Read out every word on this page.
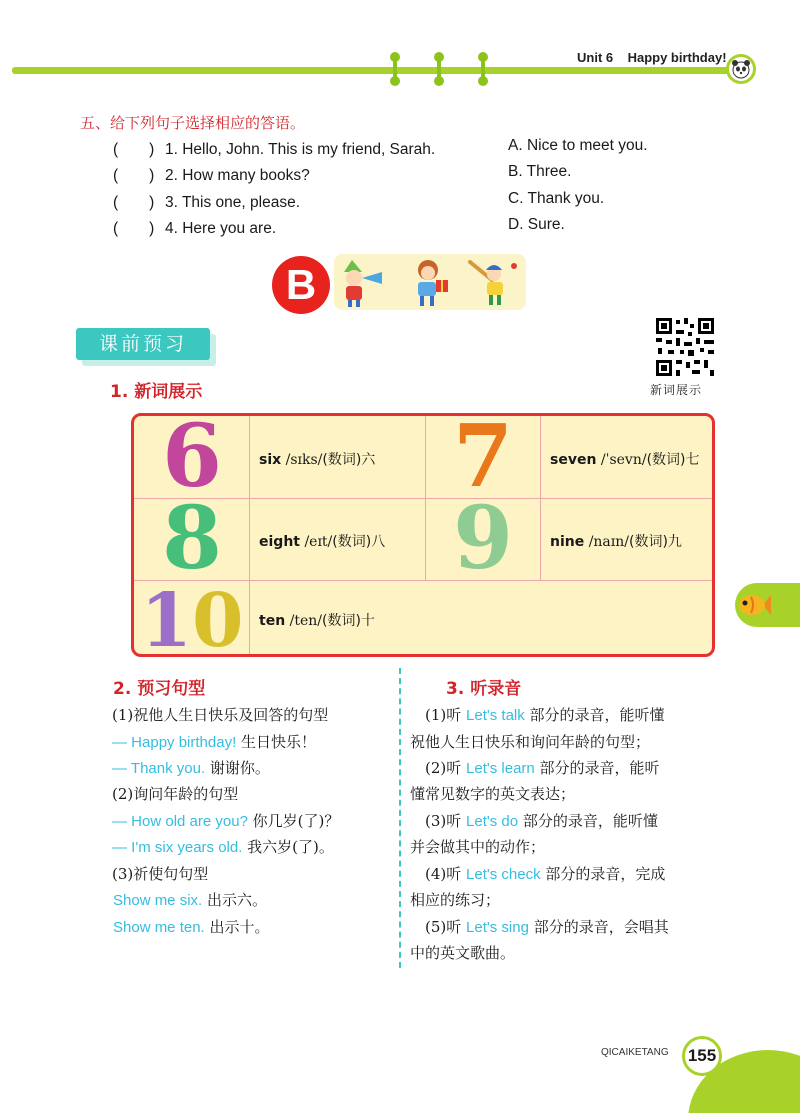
Unit 6 Happy birthday!
五、给下列句子选择相应的答语。
(　　) 1. Hello, John. This is my friend, Sarah.
(　　) 2. How many books?
(　　) 3. This one, please.
(　　) 4. Here you are.
A. Nice to meet you.
B. Three.
C. Thank you.
D. Sure.
B
课前预习
新词展示
1. 新词展示
6	six /sɪks/(数词)六 7	seven /ˈsevn/(数词)七
8	eight /eɪt/(数词)八 9	nine /naɪn/(数词)九
10	ten /ten/(数词)十
2. 预习句型
(1)祝他人生日快乐及回答的句型
— Happy birthday! 生日快乐！
— Thank you. 谢谢你。
(2)询问年龄的句型
— How old are you? 你几岁(了)？
— I'm six years old. 我六岁(了)。
(3)祈使句句型
Show me six. 出示六。
Show me ten. 出示十。
3. 听录音
　(1)听 Let's talk 部分的录音，能听懂
祝他人生日快乐和询问年龄的句型；
　(2)听 Let's learn 部分的录音，能听
懂常见数字的英文表达；
　(3)听 Let's do 部分的录音，能听懂
并会做其中的动作；
　(4)听 Let's check 部分的录音，完成
相应的练习；
　(5)听 Let's sing 部分的录音，会唱其
中的英文歌曲。
QICAIKETANG	155
